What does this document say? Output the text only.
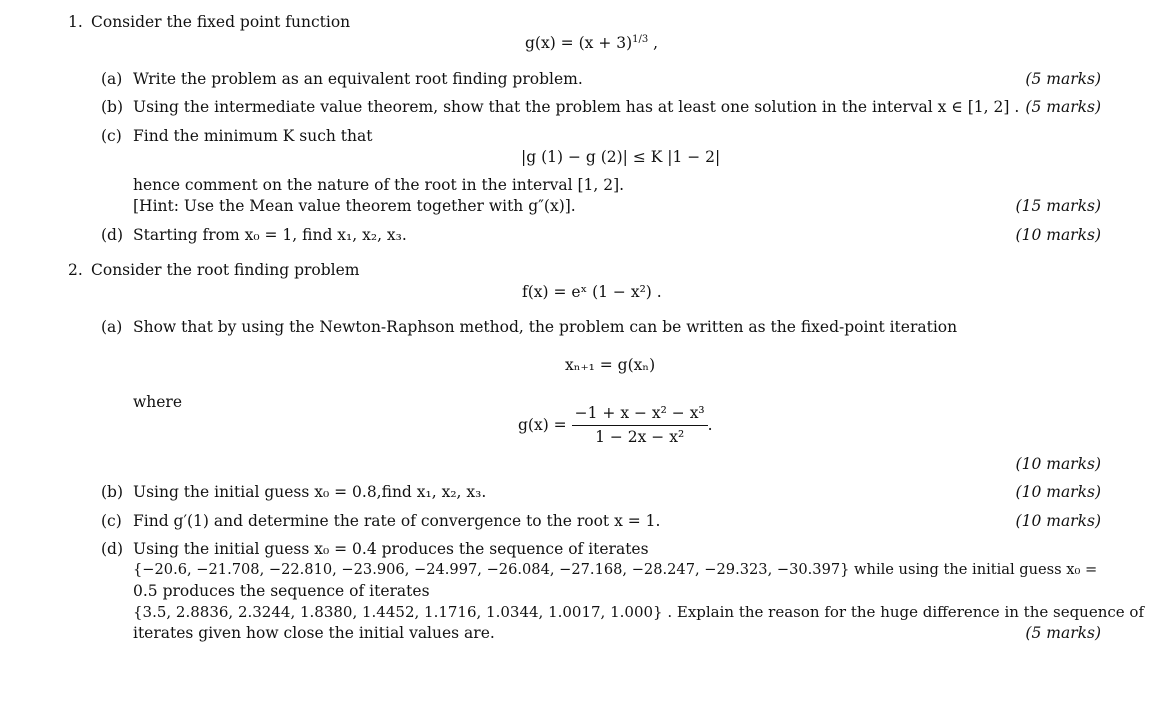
1. Consider the fixed point function
$g(x) = (x + 3)^{1/3}$ ,
(a) Write the problem as an equivalent root finding problem.	(5 marks)
(b) Using the intermediate value theorem, show that the problem has at least one solution in the interval x ∈ [1, 2] . (5 marks)
(c) Find the minimum K such that
|g (1) − g (2)| ≤ K |1 − 2|
hence comment on the nature of the root in the interval [1, 2].
[Hint: Use the Mean value theorem together with g″(x)].	(15 marks)
(d) Starting from x₀ = 1, find x₁, x₂, x₃.	(10 marks)
2. Consider the root finding problem
f(x) = eˣ (1 − x²) .
(a) Show that by using the Newton-Raphson method, the problem can be written as the fixed-point iteration
xₙ₊₁ = g(xₙ)
where
$g(x) = \frac{\text{−1 + x − x² − x³}}{\text{1 − 2x − x²}}$ .
(10 marks)
(b) Using the initial guess x₀ = 0.8,find x₁, x₂, x₃.	(10 marks)
(c) Find g′(1) and determine the rate of convergence to the root x = 1.	(10 marks)
(d) Using the initial guess x₀ = 0.4 produces the sequence of iterates
{−20.6, −21.708, −22.810, −23.906, −24.997, −26.084, −27.168, −28.247, −29.323, −30.397} while using the initial guess x₀ =
0.5 produces the sequence of iterates
{3.5, 2.8836, 2.3244, 1.8380, 1.4452, 1.1716, 1.0344, 1.0017, 1.000} . Explain the reason for the huge difference in the sequence of
iterates given how close the initial values are.	(5 marks)
